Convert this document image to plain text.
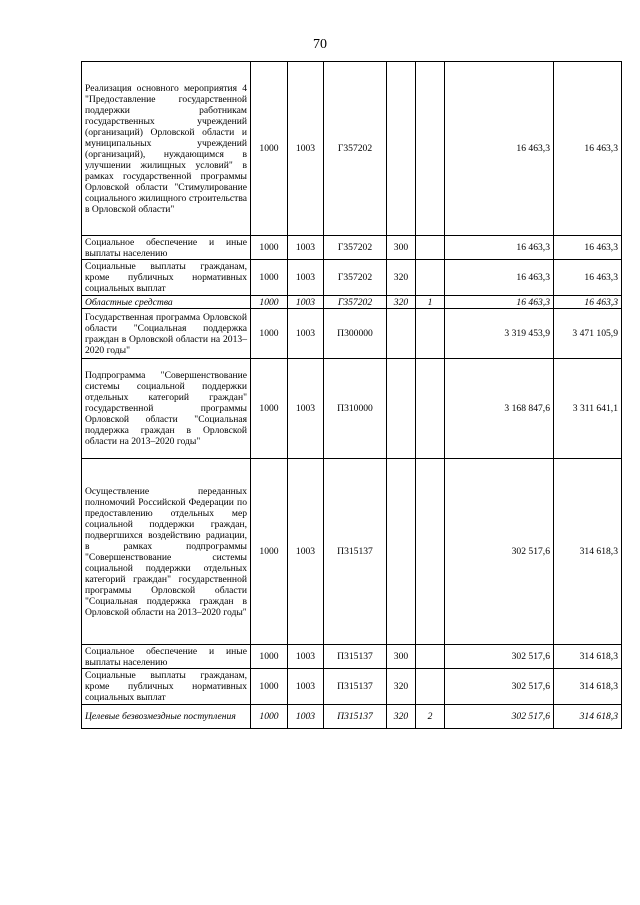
70
Реализация основного мероприятия 4 "Предоставление государственной поддержки работникам государственных учреждений (организаций) Орловской области и муниципальных учреждений (организаций), нуждающимся в улучшении жилищных условий" в рамках государственной программы Орловской области "Стимулирование социального жилищного строительства в Орловской области"	1000	1003	Г357202			16 463,3	16 463,3
Социальное обеспечение и иные выплаты населению	1000	1003	Г357202	300		16 463,3	16 463,3
Социальные выплаты гражданам, кроме публичных нормативных социальных выплат	1000	1003	Г357202	320		16 463,3	16 463,3
Областные средства	1000	1003	Г357202	320	1	16 463,3	16 463,3
Государственная программа Орловской области "Социальная поддержка граждан в Орловской области на 2013–2020 годы"	1000	1003	П300000			3 319 453,9	3 471 105,9
Подпрограмма "Совершенствование системы социальной поддержки отдельных категорий граждан" государственной программы Орловской области "Социальная поддержка граждан в Орловской области на 2013–2020 годы"	1000	1003	П310000			3 168 847,6	3 311 641,1
Осуществление переданных полномочий Российской Федерации по предоставлению отдельных мер социальной поддержки граждан, подвергшихся воздействию радиации, в рамках подпрограммы "Совершенствование системы социальной поддержки отдельных категорий граждан" государственной программы Орловской области "Социальная поддержка граждан в Орловской области на 2013–2020 годы"	1000	1003	П315137			302 517,6	314 618,3
Социальное обеспечение и иные выплаты населению	1000	1003	П315137	300		302 517,6	314 618,3
Социальные выплаты гражданам, кроме публичных нормативных социальных выплат	1000	1003	П315137	320		302 517,6	314 618,3
Целевые безвозмездные поступления	1000	1003	П315137	320	2	302 517,6	314 618,3
